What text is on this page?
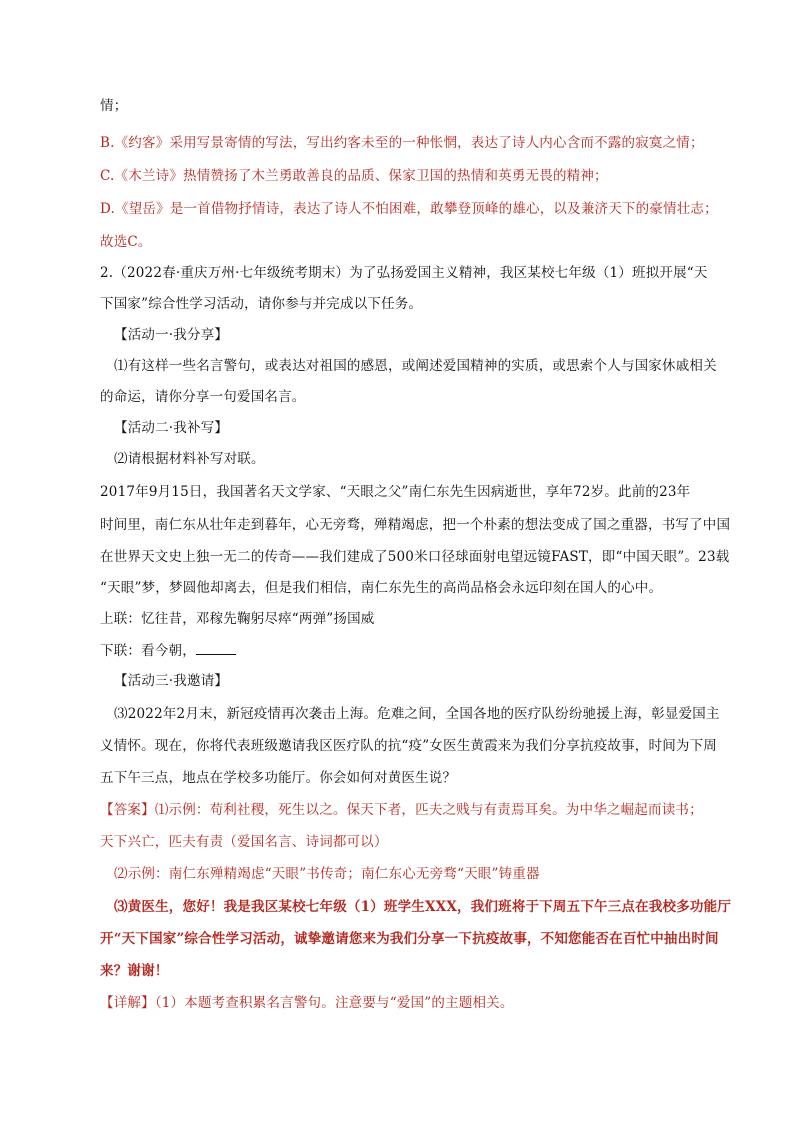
情；
B.《约客》采用写景寄情的写法，写出约客未至的一种怅惘，表达了诗人内心含而不露的寂寞之情；
C.《木兰诗》热情赞扬了木兰勇敢善良的品质、保家卫国的热情和英勇无畏的精神；
D.《望岳》是一首借物抒情诗，表达了诗人不怕困难，敢攀登顶峰的雄心，以及兼济天下的豪情壮志；
故选C。
2.（2022春·重庆万州·七年级统考期末）为了弘扬爱国主义精神，我区某校七年级（1）班拟开展“天
下国家”综合性学习活动，请你参与并完成以下任务。
【活动一·我分享】
⑴有这样一些名言警句，或表达对祖国的感恩，或阐述爱国精神的实质，或思索个人与国家休戚相关
的命运，请你分享一句爱国名言。
【活动二·我补写】
⑵请根据材料补写对联。
2017年9月15日，我国著名天文学家、“天眼之父”南仁东先生因病逝世，享年72岁。此前的23年
时间里，南仁东从壮年走到暮年，心无旁骛，殚精竭虑，把一个朴素的想法变成了国之重器，书写了中国
在世界天文史上独一无二的传奇——我们建成了500米口径球面射电望远镜FAST，即“中国天眼”。23载
“天眼”梦，梦圆他却离去，但是我们相信，南仁东先生的高尚品格会永远印刻在国人的心中。
上联：忆往昔，邓稼先鞠躬尽瘁“两弹”扬国威
下联：看今朝，
【活动三·我邀请】
⑶2022年2月末，新冠疫情再次袭击上海。危难之间，全国各地的医疗队纷纷驰援上海，彰显爱国主
义情怀。现在，你将代表班级邀请我区医疗队的抗“疫”女医生黄霞来为我们分享抗疫故事，时间为下周
五下午三点，地点在学校多功能厅。你会如何对黄医生说？
【答案】⑴示例：苟利社稷，死生以之。保天下者，匹夫之贱与有责焉耳矣。为中华之崛起而读书；
天下兴亡，匹夫有责（爱国名言、诗词都可以）
⑵示例：南仁东殚精竭虑“天眼”书传奇；南仁东心无旁骛“天眼”铸重器
⑶黄医生，您好！我是我区某校七年级（1）班学生XXX，我们班将于下周五下午三点在我校多功能厅
开“天下国家”综合性学习活动，诚挚邀请您来为我们分享一下抗疫故事，不知您能否在百忙中抽出时间
来？谢谢！
【详解】（1）本题考查积累名言警句。注意要与“爱国”的主题相关。
